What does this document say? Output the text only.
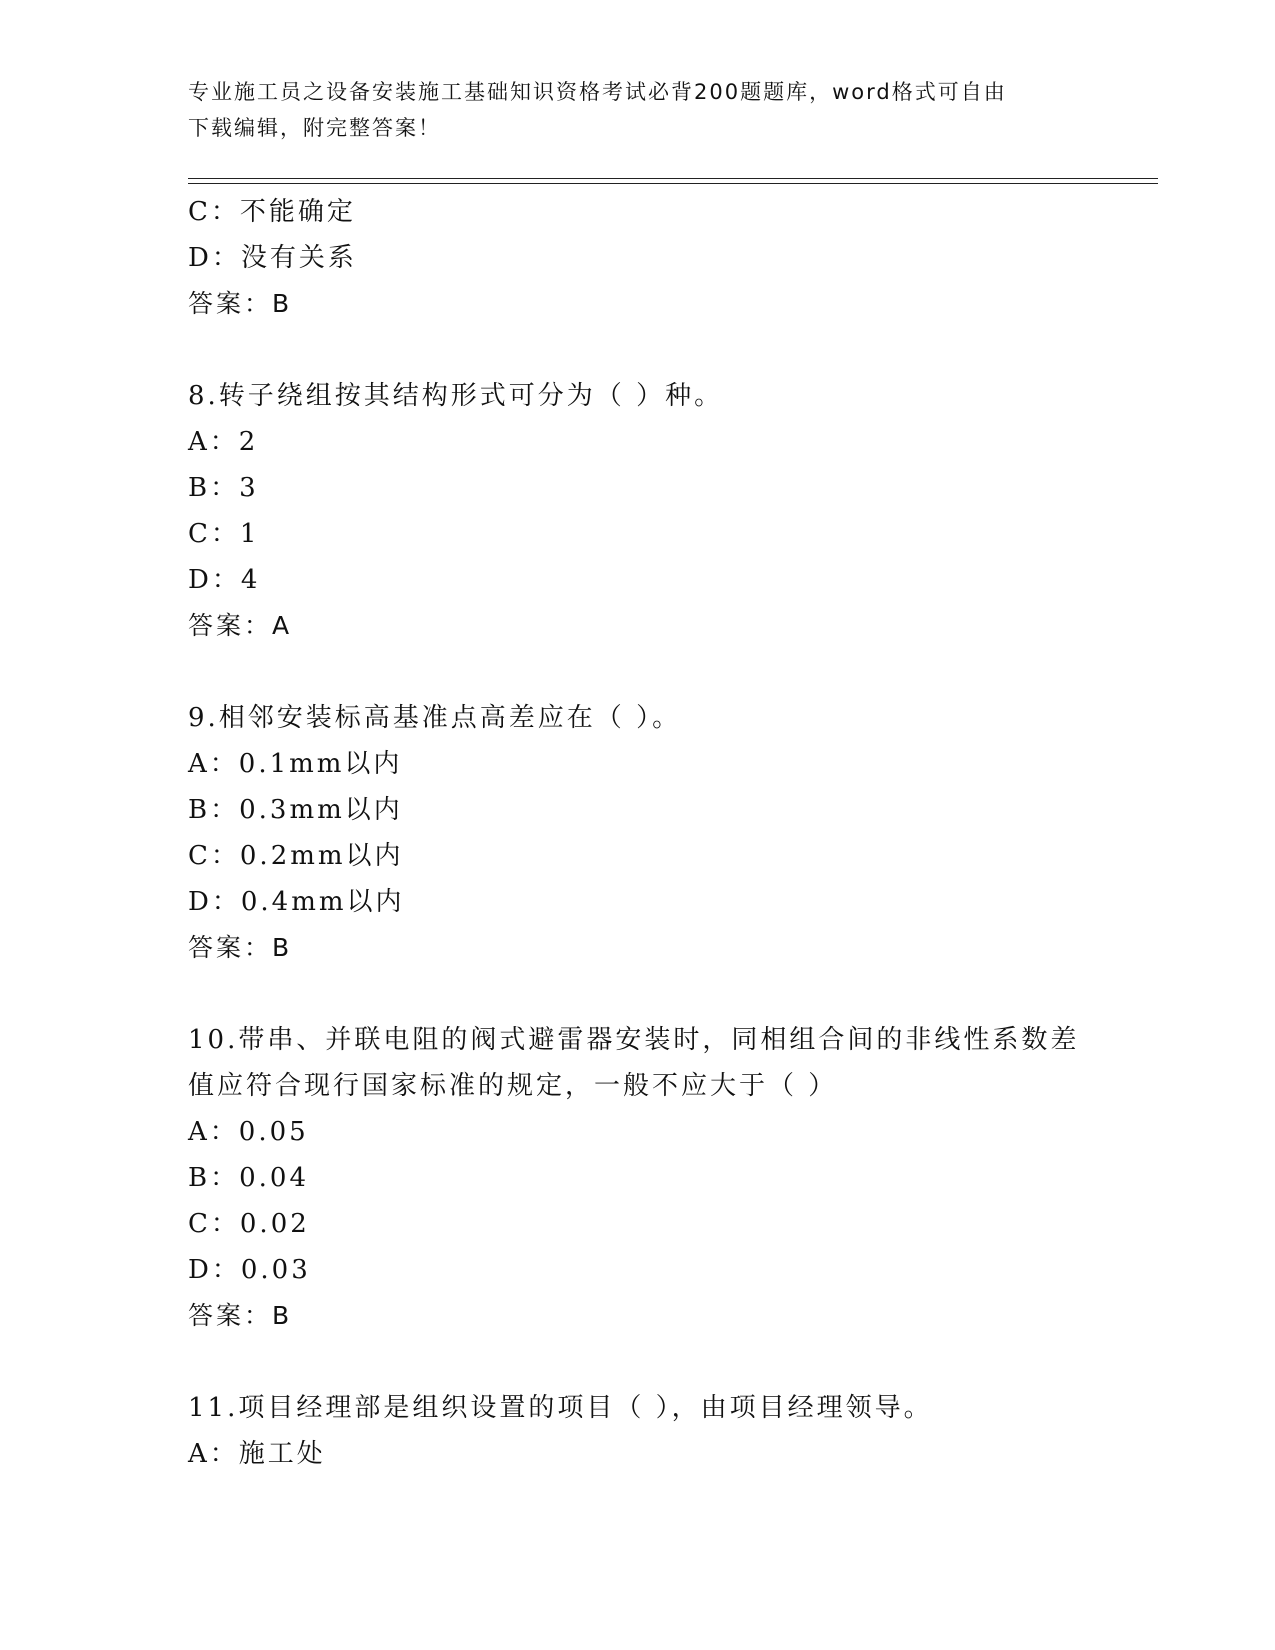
专业施工员之设备安装施工基础知识资格考试必背200题题库，word格式可自由
下载编辑，附完整答案！
C：不能确定
D：没有关系
答案：B
8.转子绕组按其结构形式可分为（ ）种。
A：2
B：3
C：1
D：4
答案：A
9.相邻安装标高基准点高差应在（ ）。
A：0.1mm以内
B：0.3mm以内
C：0.2mm以内
D：0.4mm以内
答案：B
10.带串、并联电阻的阀式避雷器安装时，同相组合间的非线性系数差
值应符合现行国家标准的规定，一般不应大于（ ）
A：0.05
B：0.04
C：0.02
D：0.03
答案：B
11.项目经理部是组织设置的项目（ ），由项目经理领导。
A：施工处
